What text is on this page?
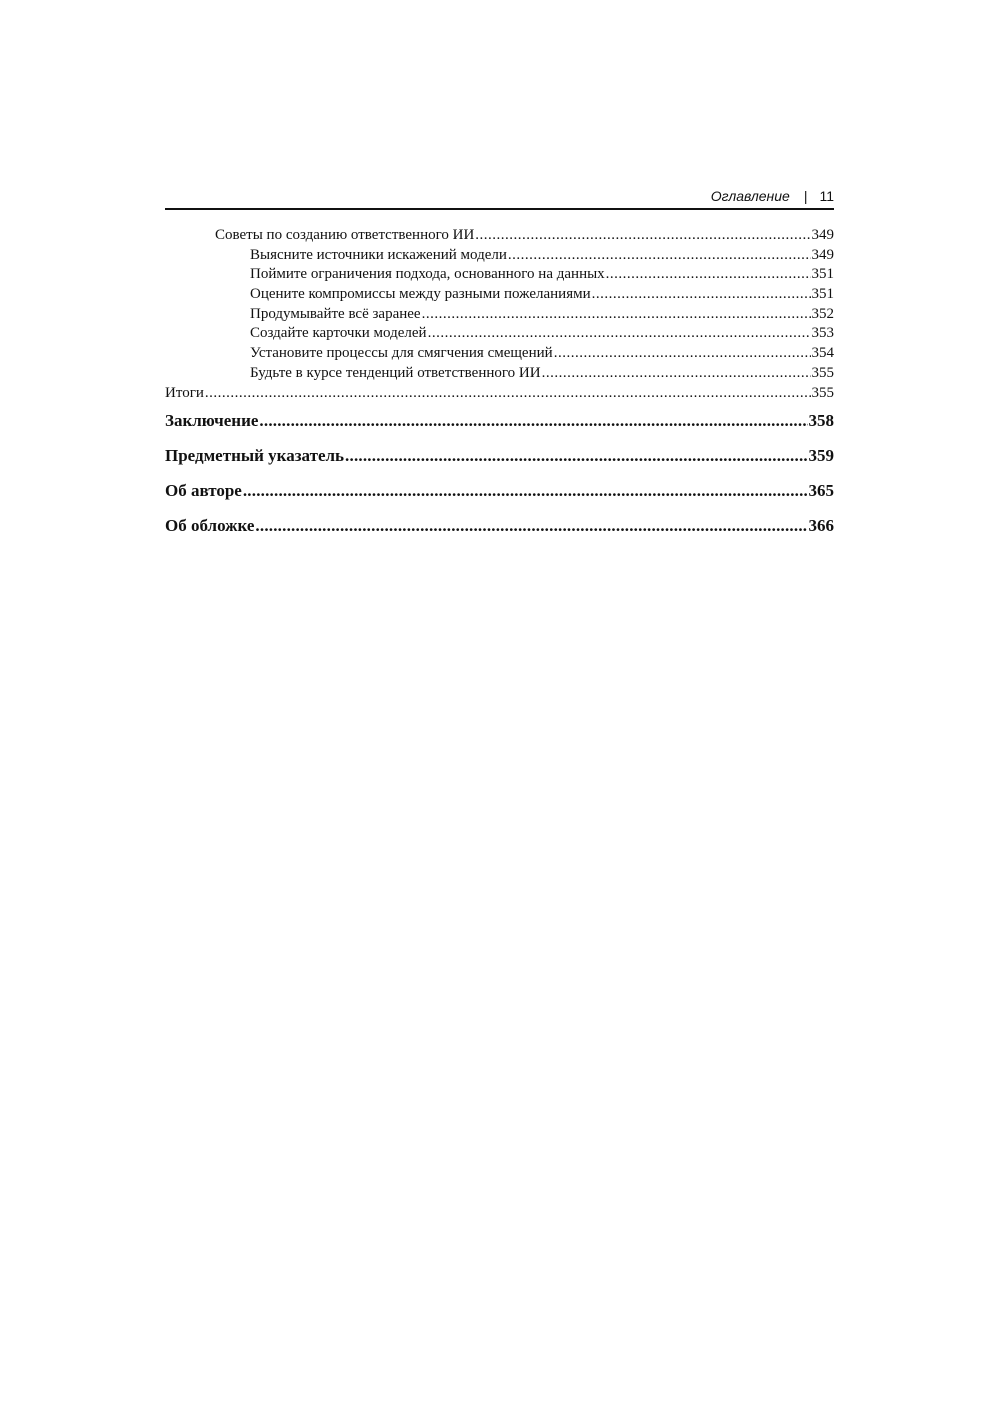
Оглавление | 11
Советы по созданию ответственного ИИ .....	349
Выясните источники искажений модели .....	349
Поймите ограничения подхода, основанного на данных .....	351
Оцените компромиссы между разными пожеланиями .....	351
Продумывайте всё заранее .....	352
Создайте карточки моделей .....	353
Установите процессы для смягчения смещений .....	354
Будьте в курсе тенденций ответственного ИИ .....	355
Итоги .....	355
Заключение .....	358
Предметный указатель .....	359
Об авторе .....	365
Об обложке .....	366
